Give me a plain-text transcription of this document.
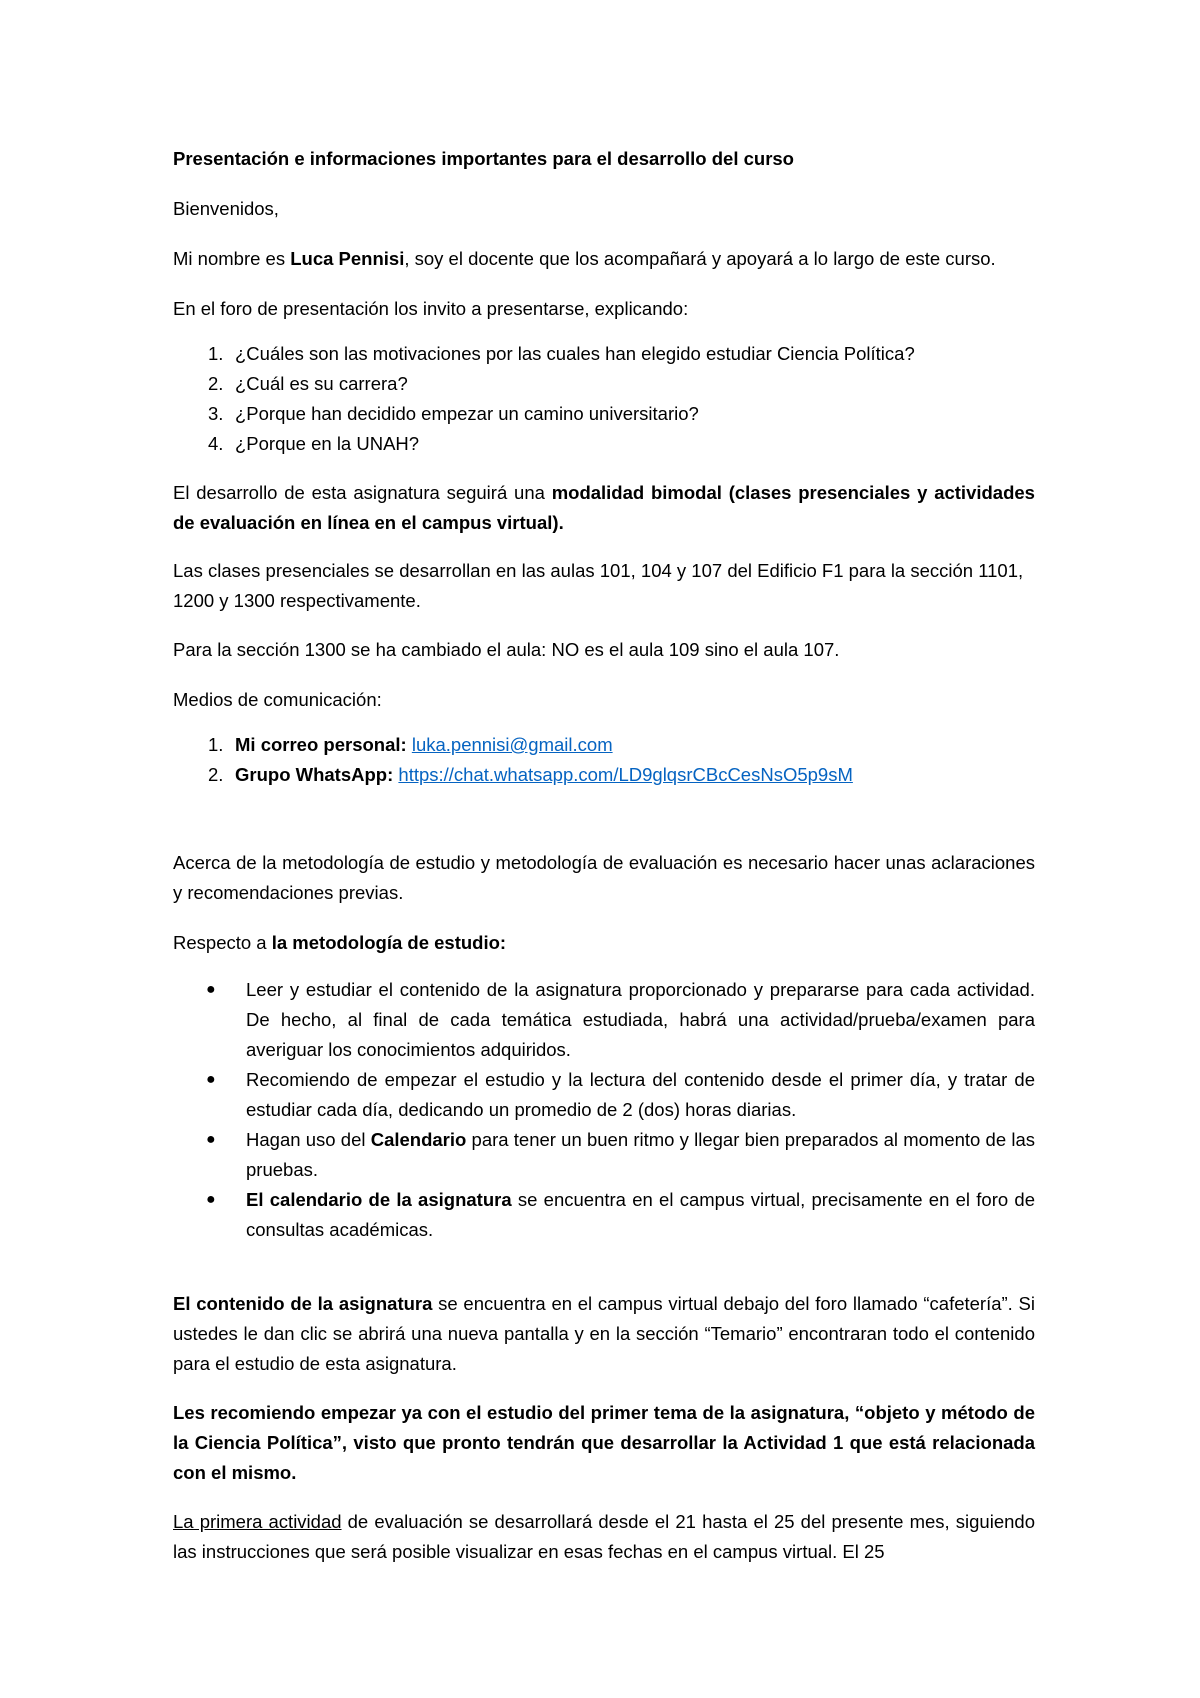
Presentación e informaciones importantes para el desarrollo del curso

Bienvenidos,

Mi nombre es Luca Pennisi, soy el docente que los acompañará y apoyará a lo largo de este curso.

En el foro de presentación los invito a presentarse, explicando:

1. ¿Cuáles son las motivaciones por las cuales han elegido estudiar Ciencia Política?
2. ¿Cuál es su carrera?
3. ¿Porque han decidido empezar un camino universitario?
4. ¿Porque en la UNAH?

El desarrollo de esta asignatura seguirá una modalidad bimodal (clases presenciales y actividades de evaluación en línea en el campus virtual).

Las clases presenciales se desarrollan en las aulas 101, 104 y 107 del Edificio F1 para la sección 1101, 1200 y 1300 respectivamente.

Para la sección 1300 se ha cambiado el aula: NO es el aula 109 sino el aula 107.

Medios de comunicación:

1. Mi correo personal: luka.pennisi@gmail.com
2. Grupo WhatsApp: https://chat.whatsapp.com/LD9glqsrCBcCesNsO5p9sM

Acerca de la metodología de estudio y metodología de evaluación es necesario hacer unas aclaraciones y recomendaciones previas.

Respecto a la metodología de estudio:

● Leer y estudiar el contenido de la asignatura proporcionado y prepararse para cada actividad. De hecho, al final de cada temática estudiada, habrá una actividad/prueba/examen para averiguar los conocimientos adquiridos.
● Recomiendo de empezar el estudio y la lectura del contenido desde el primer día, y tratar de estudiar cada día, dedicando un promedio de 2 (dos) horas diarias.
● Hagan uso del Calendario para tener un buen ritmo y llegar bien preparados al momento de las pruebas.
● El calendario de la asignatura se encuentra en el campus virtual, precisamente en el foro de consultas académicas.

El contenido de la asignatura se encuentra en el campus virtual debajo del foro llamado “cafetería”. Si ustedes le dan clic se abrirá una nueva pantalla y en la sección “Temario” encontraran todo el contenido para el estudio de esta asignatura.

Les recomiendo empezar ya con el estudio del primer tema de la asignatura, “objeto y método de la Ciencia Política”, visto que pronto tendrán que desarrollar la Actividad 1 que está relacionada con el mismo.

La primera actividad de evaluación se desarrollará desde el 21 hasta el 25 del presente mes, siguiendo las instrucciones que será posible visualizar en esas fechas en el campus virtual. El 25
